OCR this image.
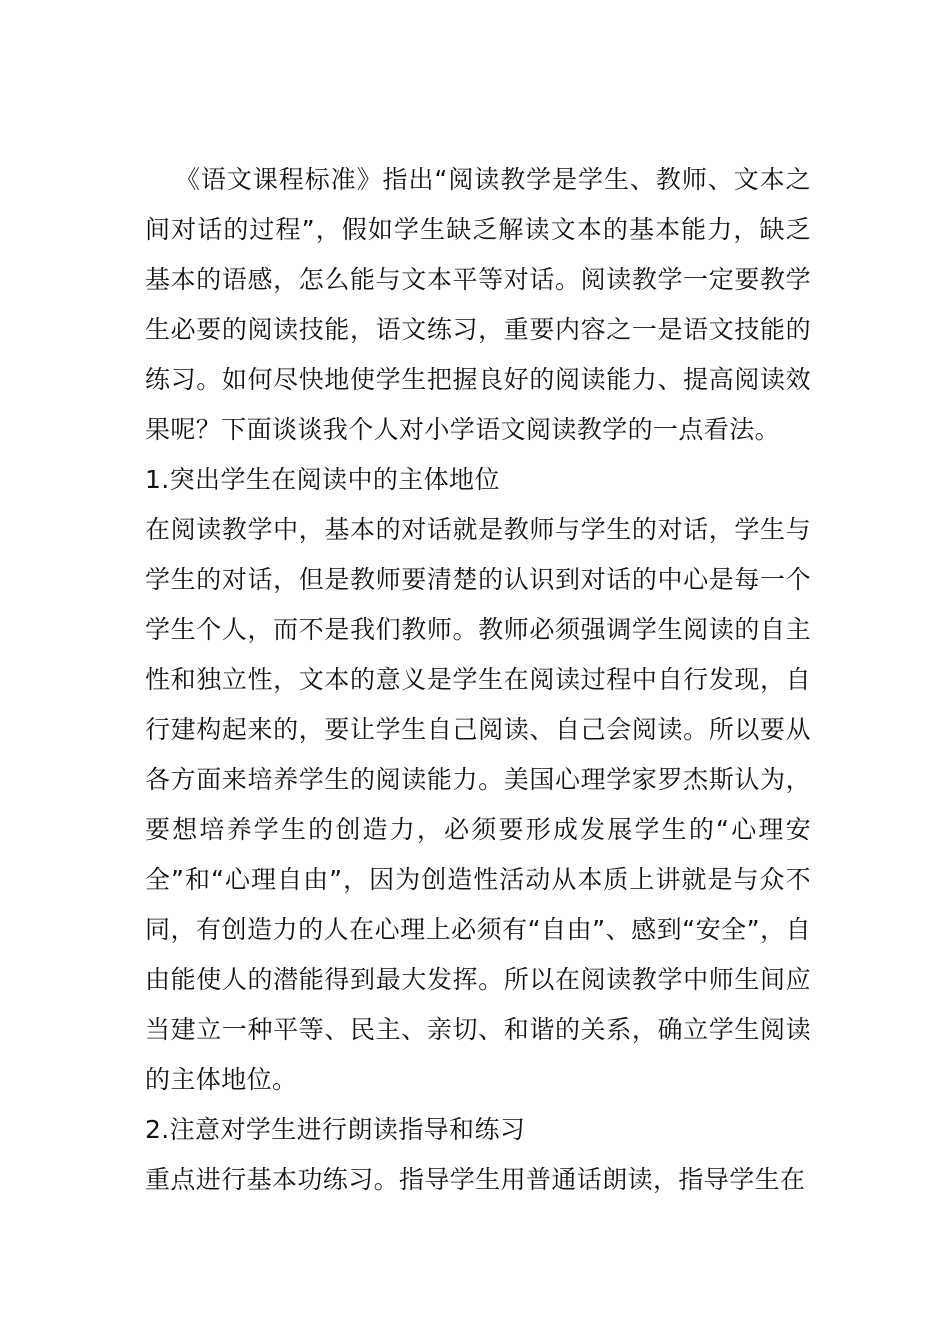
《语文课程标准》指出“阅读教学是学生、教师、文本之间对话的过程”，假如学生缺乏解读文本的基本能力，缺乏基本的语感，怎么能与文本平等对话。阅读教学一定要教学生必要的阅读技能，语文练习，重要内容之一是语文技能的练习。如何尽快地使学生把握良好的阅读能力、提高阅读效果呢？下面谈谈我个人对小学语文阅读教学的一点看法。

1.突出学生在阅读中的主体地位

在阅读教学中，基本的对话就是教师与学生的对话，学生与学生的对话，但是教师要清楚的认识到对话的中心是每一个学生个人，而不是我们教师。教师必须强调学生阅读的自主性和独立性，文本的意义是学生在阅读过程中自行发现，自行建构起来的，要让学生自己阅读、自己会阅读。所以要从各方面来培养学生的阅读能力。美国心理学家罗杰斯认为，要想培养学生的创造力，必须要形成发展学生的“心理安全”和“心理自由”，因为创造性活动从本质上讲就是与众不同，有创造力的人在心理上必须有“自由”、感到“安全”，自由能使人的潜能得到最大发挥。所以在阅读教学中师生间应当建立一种平等、民主、亲切、和谐的关系，确立学生阅读的主体地位。

2.注意对学生进行朗读指导和练习

重点进行基本功练习。指导学生用普通话朗读，指导学生在
